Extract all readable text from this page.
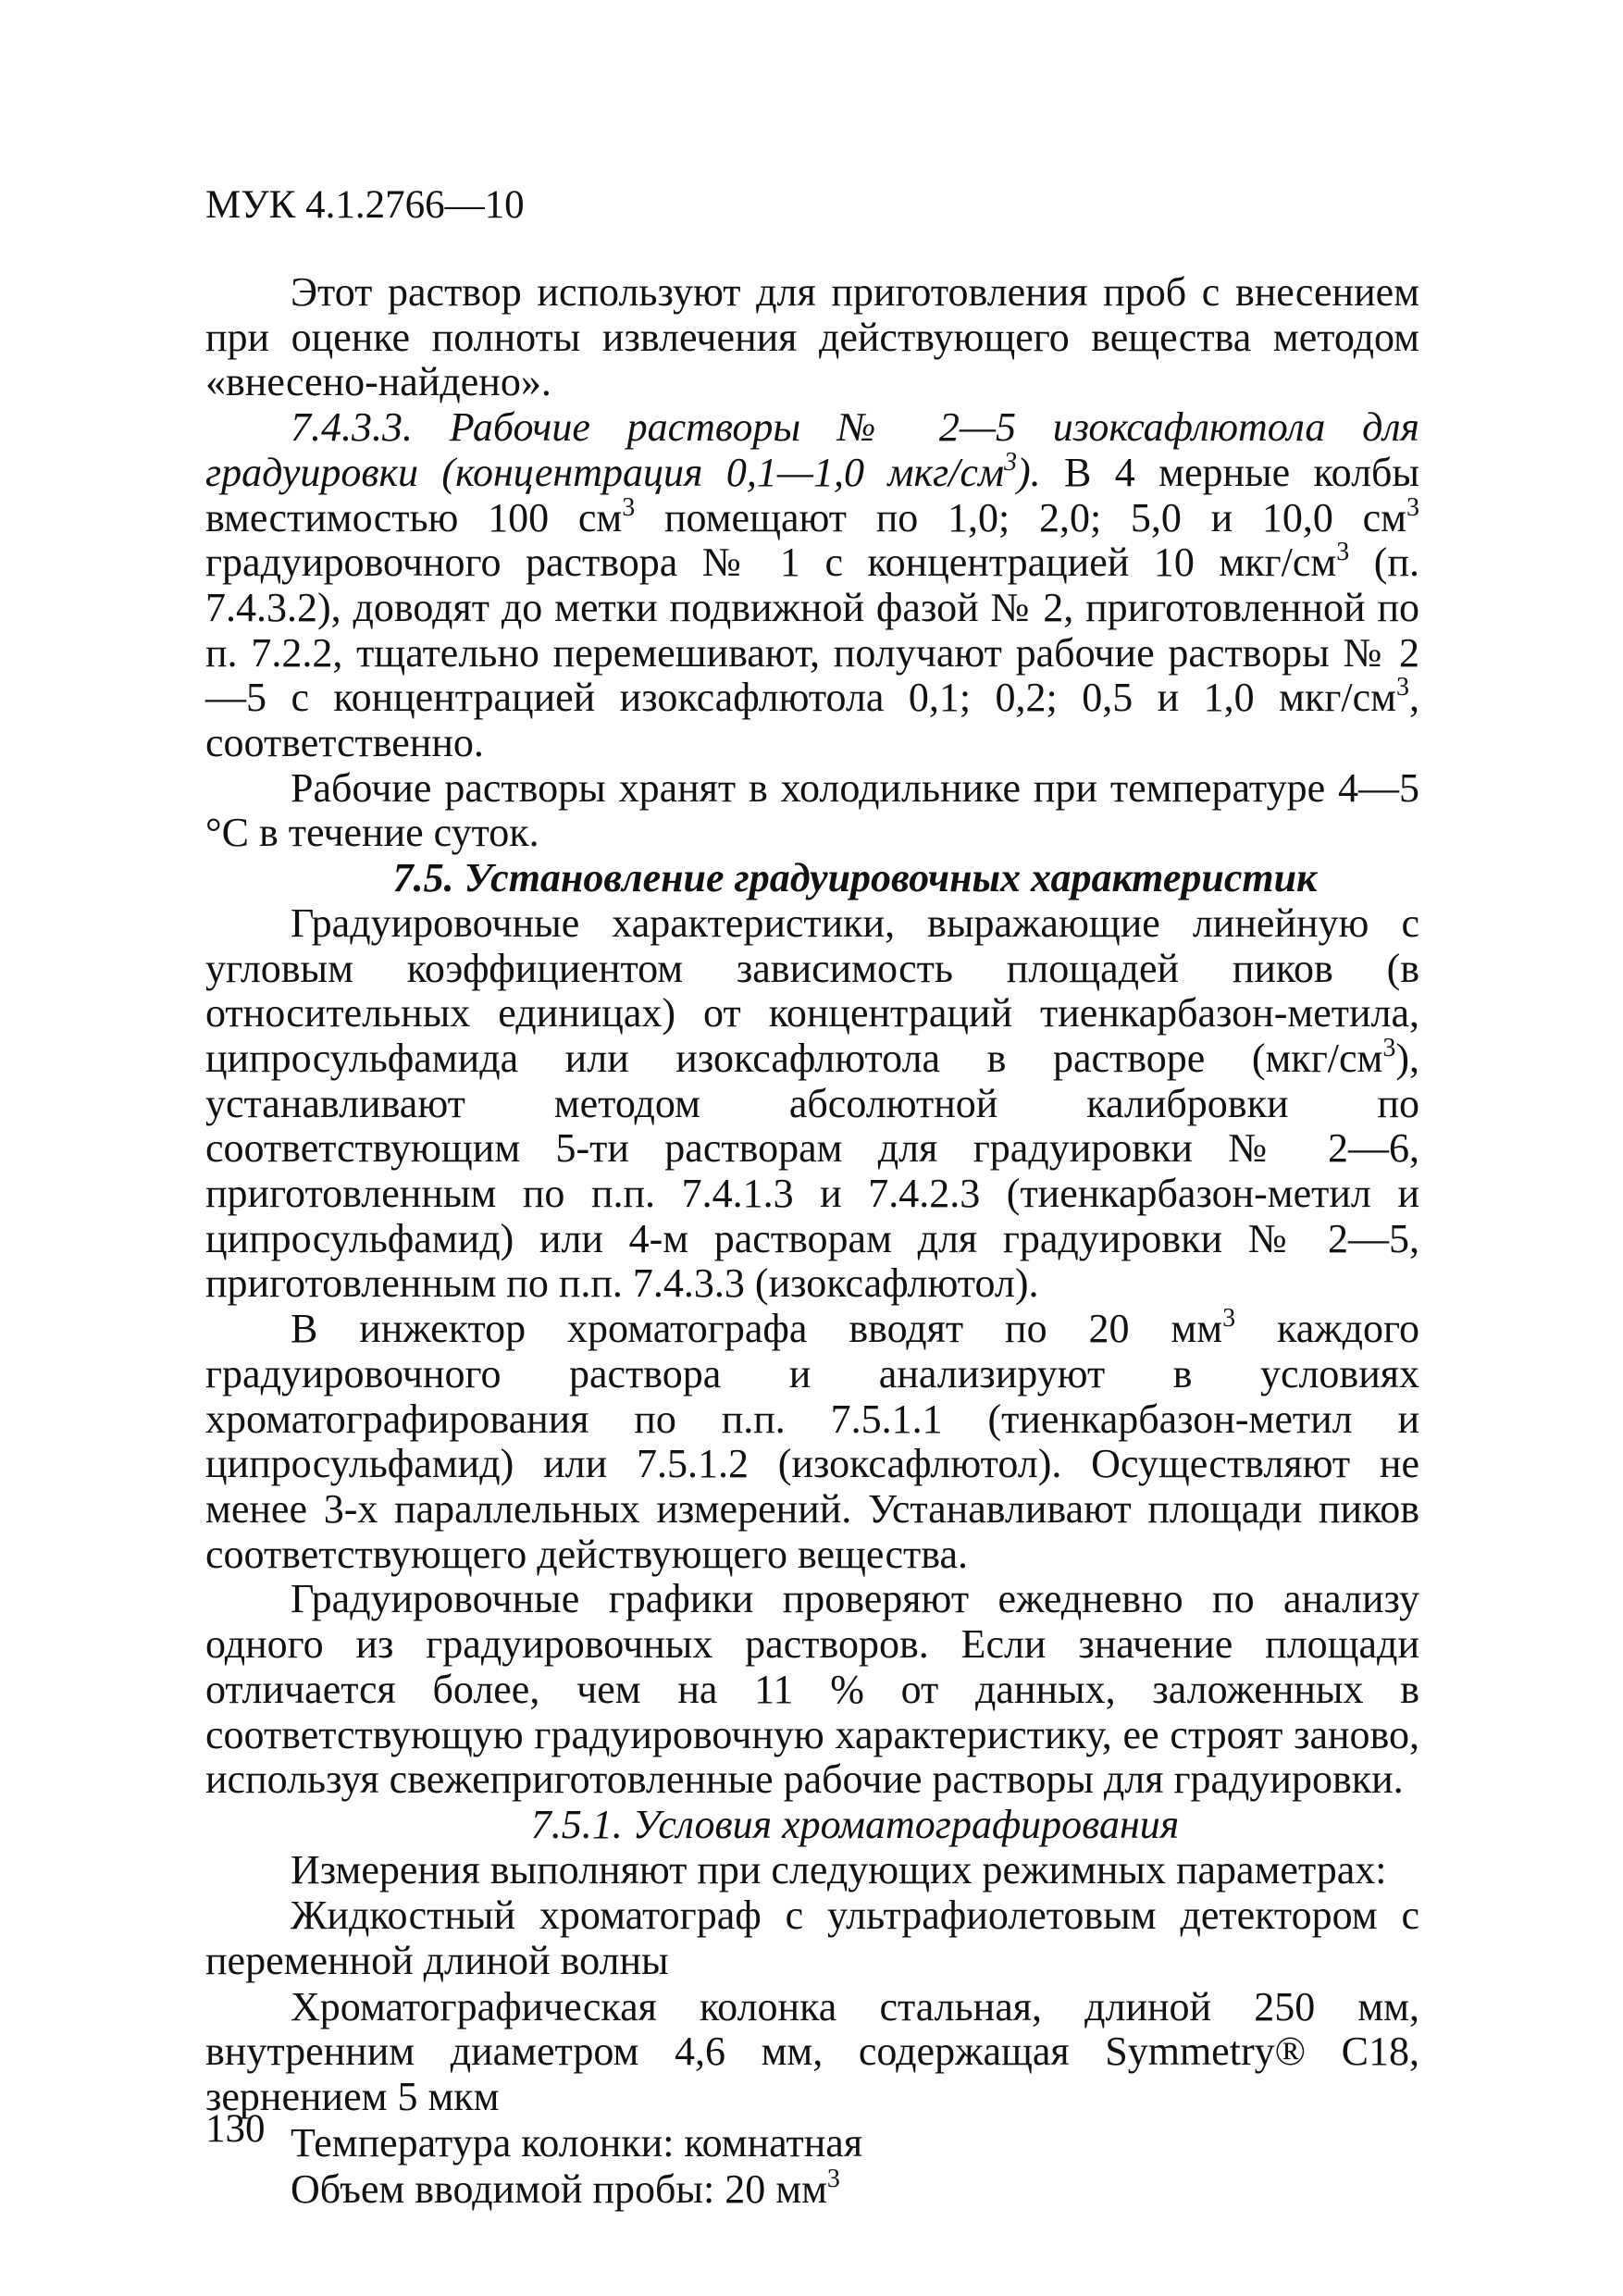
МУК 4.1.2766—10

Этот раствор используют для приготовления проб с внесением при оценке полноты извлечения действующего вещества методом «внесено-найдено».

7.4.3.3. Рабочие растворы № 2—5 изоксафлютола для градуировки (концентрация 0,1—1,0 мкг/$см^3$). В 4 мерные колбы вместимостью 100 $см^3$ помещают по 1,0; 2,0; 5,0 и 10,0 $см^3$ градуировочного раствора № 1 с концентрацией 10 мкг/$см^3$ (п. 7.4.3.2), доводят до метки подвижной фазой № 2, приготовленной по п. 7.2.2, тщательно перемешивают, получают рабочие растворы № 2—5 с концентрацией изоксафлютола 0,1; 0,2; 0,5 и 1,0 мкг/$см^3$, соответственно.

Рабочие растворы хранят в холодильнике при температуре 4—5 °С в течение суток.

7.5. Установление градуировочных характеристик

Градуировочные характеристики, выражающие линейную с угловым коэффициентом зависимость площадей пиков (в относительных единицах) от концентраций тиенкарбазон-метила, ципросульфамида или изоксафлютола в растворе $(мкг/см^3)$, устанавливают методом абсолютной калибровки по соответствующим 5-ти растворам для градуировки № 2—6, приготовленным по п.п. 7.4.1.3 и 7.4.2.3 (тиенкарбазон-метил и ципросульфамид) или 4-м растворам для градуировки № 2—5, приготовленным по п.п. 7.4.3.3 (изоксафлютол).

В инжектор хроматографа вводят по 20 $мм^3$ каждого градуировочного раствора и анализируют в условиях хроматографирования по п.п. 7.5.1.1 (тиенкарбазон-метил и ципросульфамид) или 7.5.1.2 (изоксафлютол). Осуществляют не менее 3-х параллельных измерений. Устанавливают площади пиков соответствующего действующего вещества.

Градуировочные графики проверяют ежедневно по анализу одного из градуировочных растворов. Если значение площади отличается более, чем на 11 % от данных, заложенных в соответствующую градуировочную характеристику, ее строят заново, используя свежеприготовленные рабочие растворы для градуировки.

7.5.1. Условия хроматографирования

Измерения выполняют при следующих режимных параметрах:

Жидкостный хроматограф с ультрафиолетовым детектором с переменной длиной волны

Хроматографическая колонка стальная, длиной 250 мм, внутренним диаметром 4,6 мм, содержащая Symmetry® C18, зернением 5 мкм

Температура колонки: комнатная

Объем вводимой пробы: 20 $мм^3$

130
